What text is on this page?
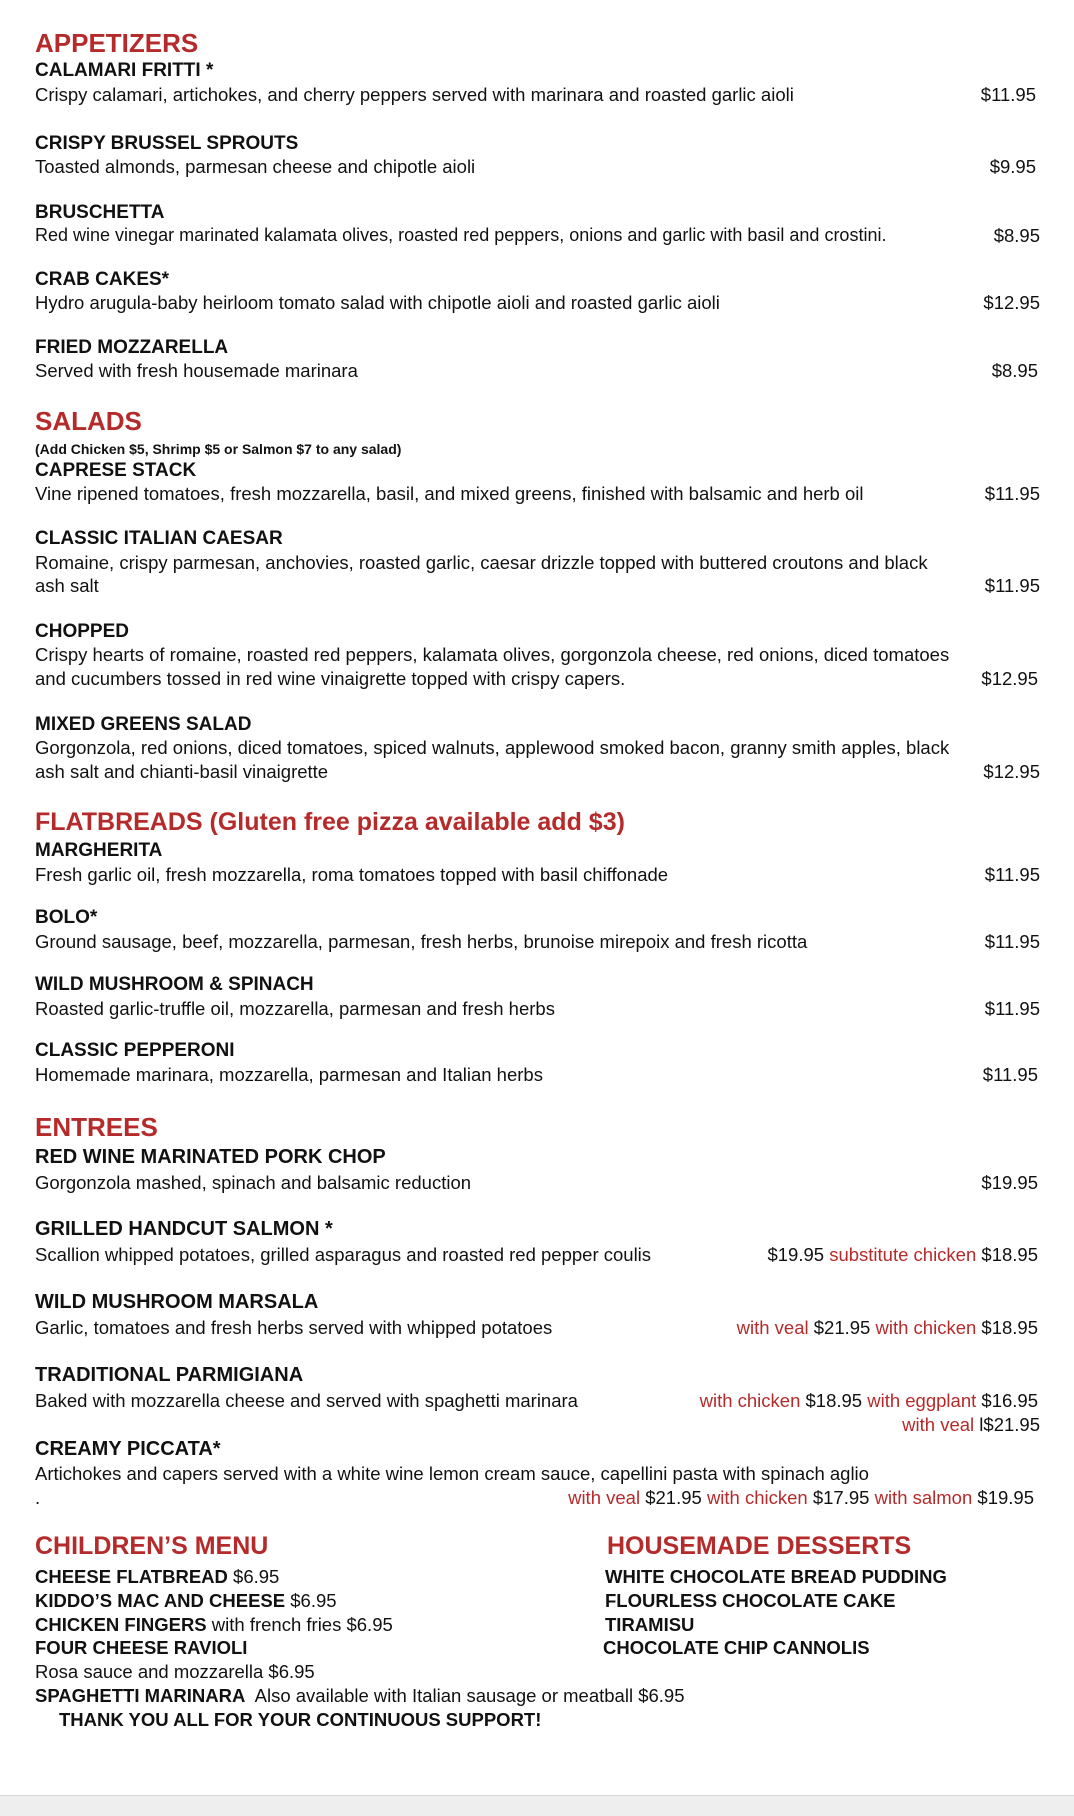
APPETIZERS
CALAMARI FRITTI *
Crispy calamari, artichokes, and cherry peppers served with marinara and roasted garlic aioli	$11.95
CRISPY BRUSSEL SPROUTS
Toasted almonds, parmesan cheese and chipotle aioli	$9.95
BRUSCHETTA
Red wine vinegar marinated kalamata olives, roasted red peppers, onions and garlic with basil and crostini.	$8.95
CRAB CAKES*
Hydro arugula-baby heirloom tomato salad with chipotle aioli and roasted garlic aioli	$12.95
FRIED MOZZARELLA
Served with fresh housemade marinara	$8.95
SALADS
(Add Chicken $5, Shrimp $5 or Salmon $7 to any salad)
CAPRESE STACK
Vine ripened tomatoes, fresh mozzarella, basil, and mixed greens, finished with balsamic and herb oil	$11.95
CLASSIC ITALIAN CAESAR
Romaine, crispy parmesan, anchovies, roasted garlic, caesar drizzle topped with buttered croutons and black
ash salt	$11.95
CHOPPED
Crispy hearts of romaine, roasted red peppers, kalamata olives, gorgonzola cheese, red onions, diced tomatoes
and cucumbers tossed in red wine vinaigrette topped with crispy capers.	$12.95
MIXED GREENS SALAD
Gorgonzola, red onions, diced tomatoes, spiced walnuts, applewood smoked bacon, granny smith apples, black
ash salt and chianti-basil vinaigrette	$12.95
FLATBREADS (Gluten free pizza available add $3)
MARGHERITA
Fresh garlic oil, fresh mozzarella, roma tomatoes topped with basil chiffonade	$11.95
BOLO*
Ground sausage, beef, mozzarella, parmesan, fresh herbs, brunoise mirepoix and fresh ricotta	$11.95
WILD MUSHROOM & SPINACH
Roasted garlic-truffle oil, mozzarella, parmesan and fresh herbs	$11.95
CLASSIC PEPPERONI
Homemade marinara, mozzarella, parmesan and Italian herbs	$11.95
ENTREES
RED WINE MARINATED PORK CHOP
Gorgonzola mashed, spinach and balsamic reduction	$19.95
GRILLED HANDCUT SALMON *
Scallion whipped potatoes, grilled asparagus and roasted red pepper coulis	$19.95 substitute chicken $18.95
WILD MUSHROOM MARSALA
Garlic, tomatoes and fresh herbs served with whipped potatoes	with veal $21.95 with chicken $18.95
TRADITIONAL PARMIGIANA
Baked with mozzarella cheese and served with spaghetti marinara	with chicken $18.95 with eggplant $16.95
with veal l$21.95
CREAMY PICCATA*
Artichokes and capers served with a white wine lemon cream sauce, capellini pasta with spinach aglio
.	with veal $21.95 with chicken $17.95 with salmon $19.95
CHILDREN’S MENU
CHEESE FLATBREAD $6.95
KIDDO’S MAC AND CHEESE $6.95
CHICKEN FINGERS with french fries $6.95
FOUR CHEESE RAVIOLI
Rosa sauce and mozzarella $6.95
SPAGHETTI MARINARA Also available with Italian sausage or meatball $6.95
THANK YOU ALL FOR YOUR CONTINUOUS SUPPORT!
HOUSEMADE DESSERTS
WHITE CHOCOLATE BREAD PUDDING
FLOURLESS CHOCOLATE CAKE
TIRAMISU
CHOCOLATE CHIP CANNOLIS
